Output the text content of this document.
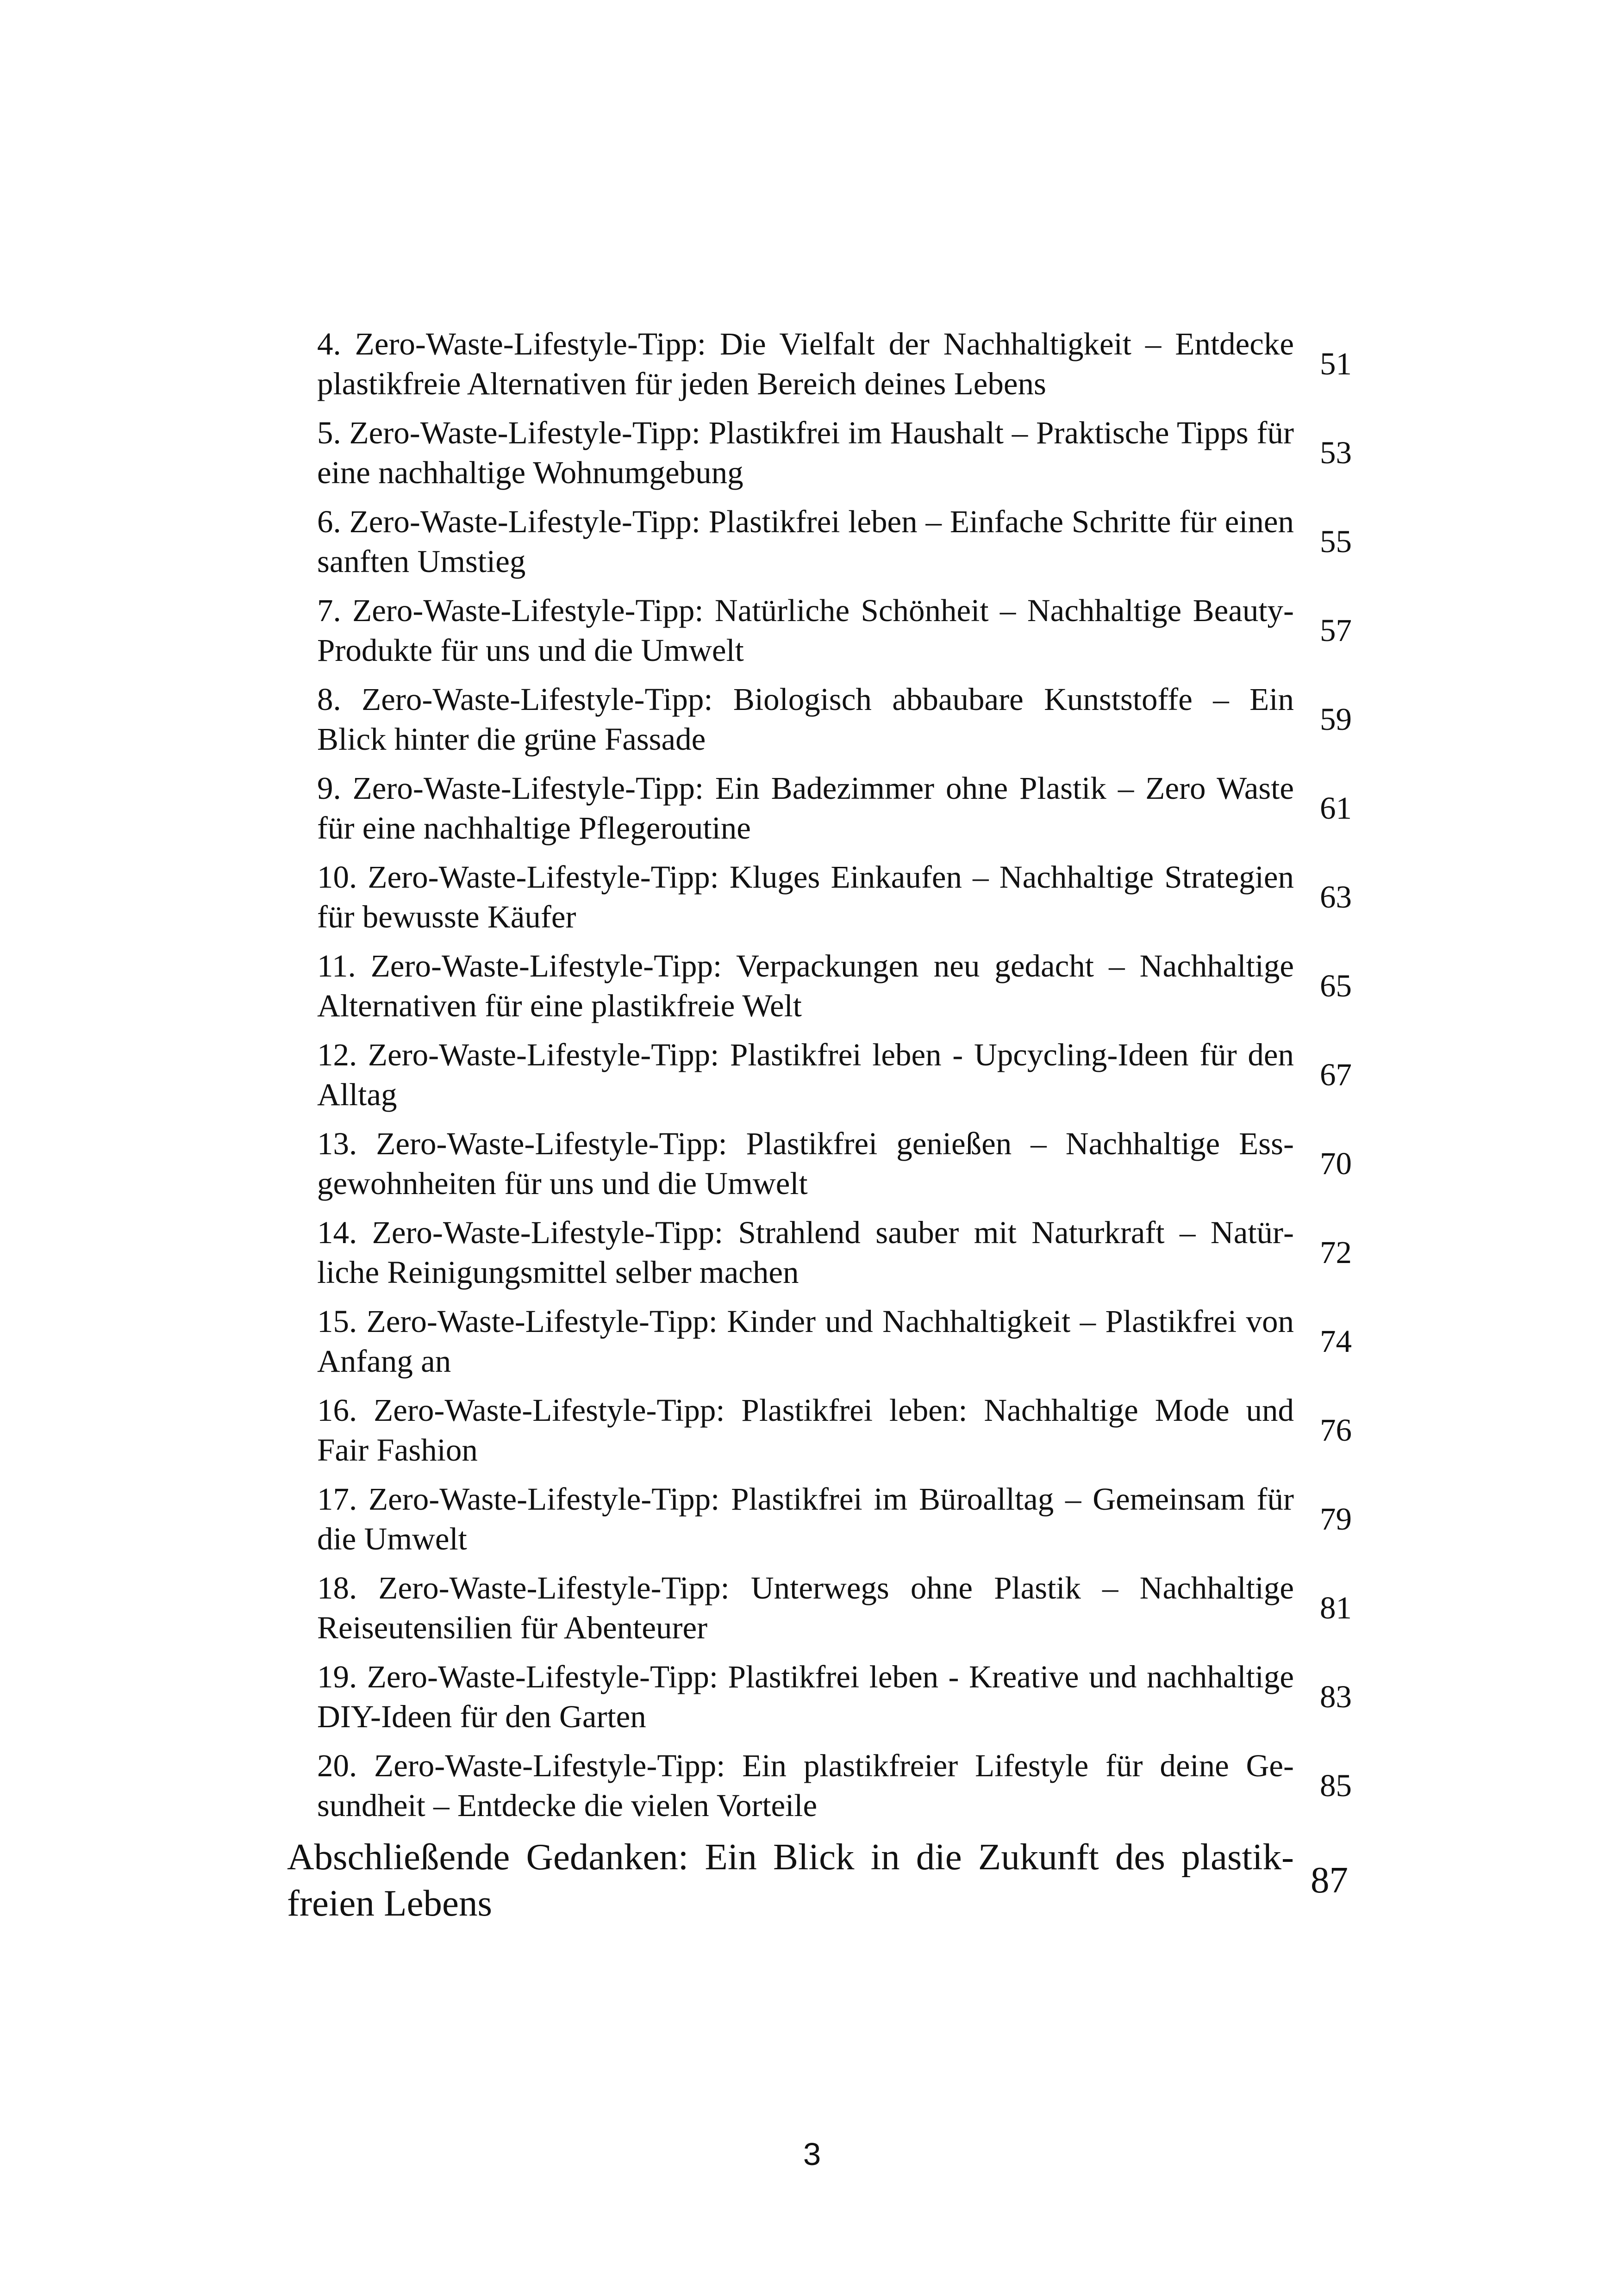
4. Zero-Waste-Lifestyle-Tipp: Die Vielfalt der Nachhaltigkeit – Entdecke plastikfreie Alternativen für jeden Bereich deines Lebens
51
5. Zero-Waste-Lifestyle-Tipp: Plastikfrei im Haushalt – Praktische Tipps für eine nachhaltige Wohnumgebung
53
6. Zero-Waste-Lifestyle-Tipp: Plastikfrei leben – Einfache Schritte für einen sanften Umstieg
55
7. Zero-Waste-Lifestyle-Tipp: Natürliche Schönheit – Nachhaltige Beauty-Produkte für uns und die Umwelt
57
8. Zero-Waste-Lifestyle-Tipp: Biologisch abbaubare Kunststoffe – Ein Blick hinter die grüne Fassade
59
9. Zero-Waste-Lifestyle-Tipp: Ein Badezimmer ohne Plastik – Zero Waste für eine nachhaltige Pflegeroutine
61
10. Zero-Waste-Lifestyle-Tipp: Kluges Einkaufen – Nachhaltige Strategien für bewusste Käufer
63
11. Zero-Waste-Lifestyle-Tipp: Verpackungen neu gedacht – Nachhaltige Alternativen für eine plastikfreie Welt
65
12. Zero-Waste-Lifestyle-Tipp: Plastikfrei leben - Upcycling-Ideen für den Alltag
67
13. Zero-Waste-Lifestyle-Tipp: Plastikfrei genießen – Nachhaltige Essgewohnheiten für uns und die Umwelt
70
14. Zero-Waste-Lifestyle-Tipp: Strahlend sauber mit Naturkraft – Natürliche Reinigungsmittel selber machen
72
15. Zero-Waste-Lifestyle-Tipp: Kinder und Nachhaltigkeit – Plastikfrei von Anfang an
74
16. Zero-Waste-Lifestyle-Tipp: Plastikfrei leben: Nachhaltige Mode und Fair Fashion
76
17. Zero-Waste-Lifestyle-Tipp: Plastikfrei im Büroalltag – Gemeinsam für die Umwelt
79
18. Zero-Waste-Lifestyle-Tipp: Unterwegs ohne Plastik – Nachhaltige Reiseutensilien für Abenteurer
81
19. Zero-Waste-Lifestyle-Tipp: Plastikfrei leben - Kreative und nachhaltige DIY-Ideen für den Garten
83
20. Zero-Waste-Lifestyle-Tipp: Ein plastikfreier Lifestyle für deine Gesundheit – Entdecke die vielen Vorteile
85
Abschließende Gedanken: Ein Blick in die Zukunft des plastikfreien Lebens
87
3
